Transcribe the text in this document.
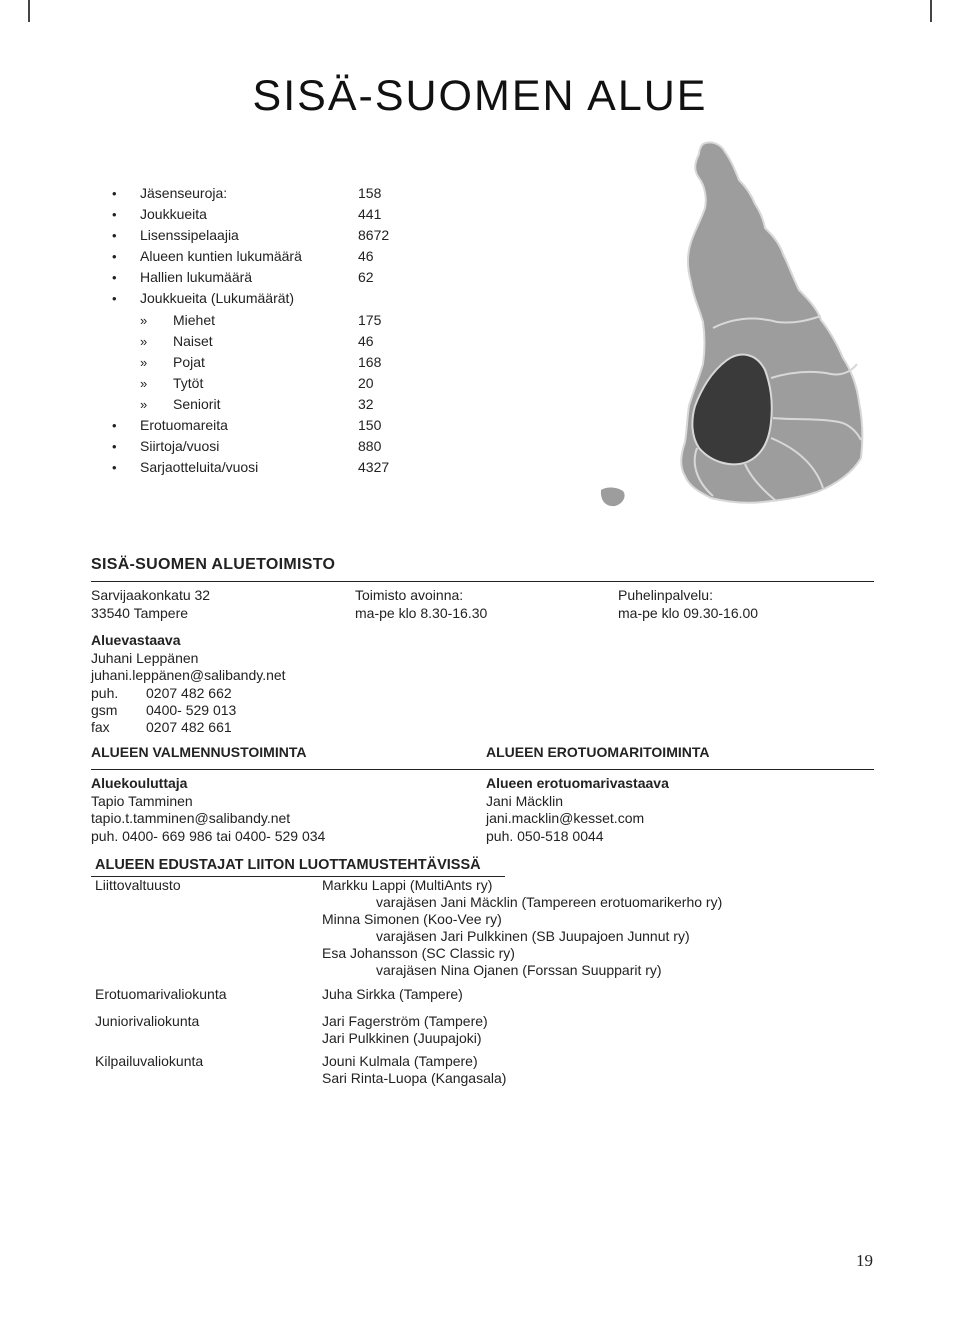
SISÄ-SUOMEN ALUE
• Jäsenseuroja:	158
• Joukkueita	441
• Lisenssipelaajia	8672
• Alueen kuntien lukumäärä	46
• Hallien lukumäärä	62
• Joukkueita (Lukumäärät)
» Miehet	175
» Naiset	46
» Pojat	168
» Tytöt	20
» Seniorit	32
• Erotuomareita	150
• Siirtoja/vuosi	880
• Sarjaotteluita/vuosi	4327
SISÄ-SUOMEN ALUETOIMISTO
Sarvijaakonkatu 32
33540 Tampere
Toimisto avoinna:
ma-pe klo 8.30-16.30
Puhelinpalvelu:
ma-pe klo 09.30-16.00
Aluevastaava
Juhani Leppänen
juhani.leppänen@salibandy.net
puh. 0207 482 662
gsm 0400- 529 013
fax	0207 482 661
ALUEEN VALMENNUSTOIMINTA	ALUEEN EROTUOMARITOIMINTA
Aluekouluttaja
Tapio Tamminen
tapio.t.tamminen@salibandy.net
puh. 0400- 669 986 tai 0400- 529 034
Alueen erotuomarivastaava
Jani Mäcklin
jani.macklin@kesset.com
puh. 050-518 0044
ALUEEN EDUSTAJAT LIITON LUOTTAMUSTEHTÄVISSÄ
Liittovaltuusto	Markku Lappi (MultiAnts ry)
varajäsen Jani Mäcklin (Tampereen erotuomarikerho ry)
Minna Simonen (Koo-Vee ry)
varajäsen Jari Pulkkinen (SB Juupajoen Junnut ry)
Esa Johansson (SC Classic ry)
varajäsen Nina Ojanen (Forssan Suupparit ry)
Erotuomarivaliokunta	Juha Sirkka (Tampere)
Juniorivaliokunta	Jari Fagerström (Tampere)
Jari Pulkkinen (Juupajoki)
Kilpailuvaliokunta	Jouni Kulmala (Tampere)
Sari Rinta-Luopa (Kangasala)
19
